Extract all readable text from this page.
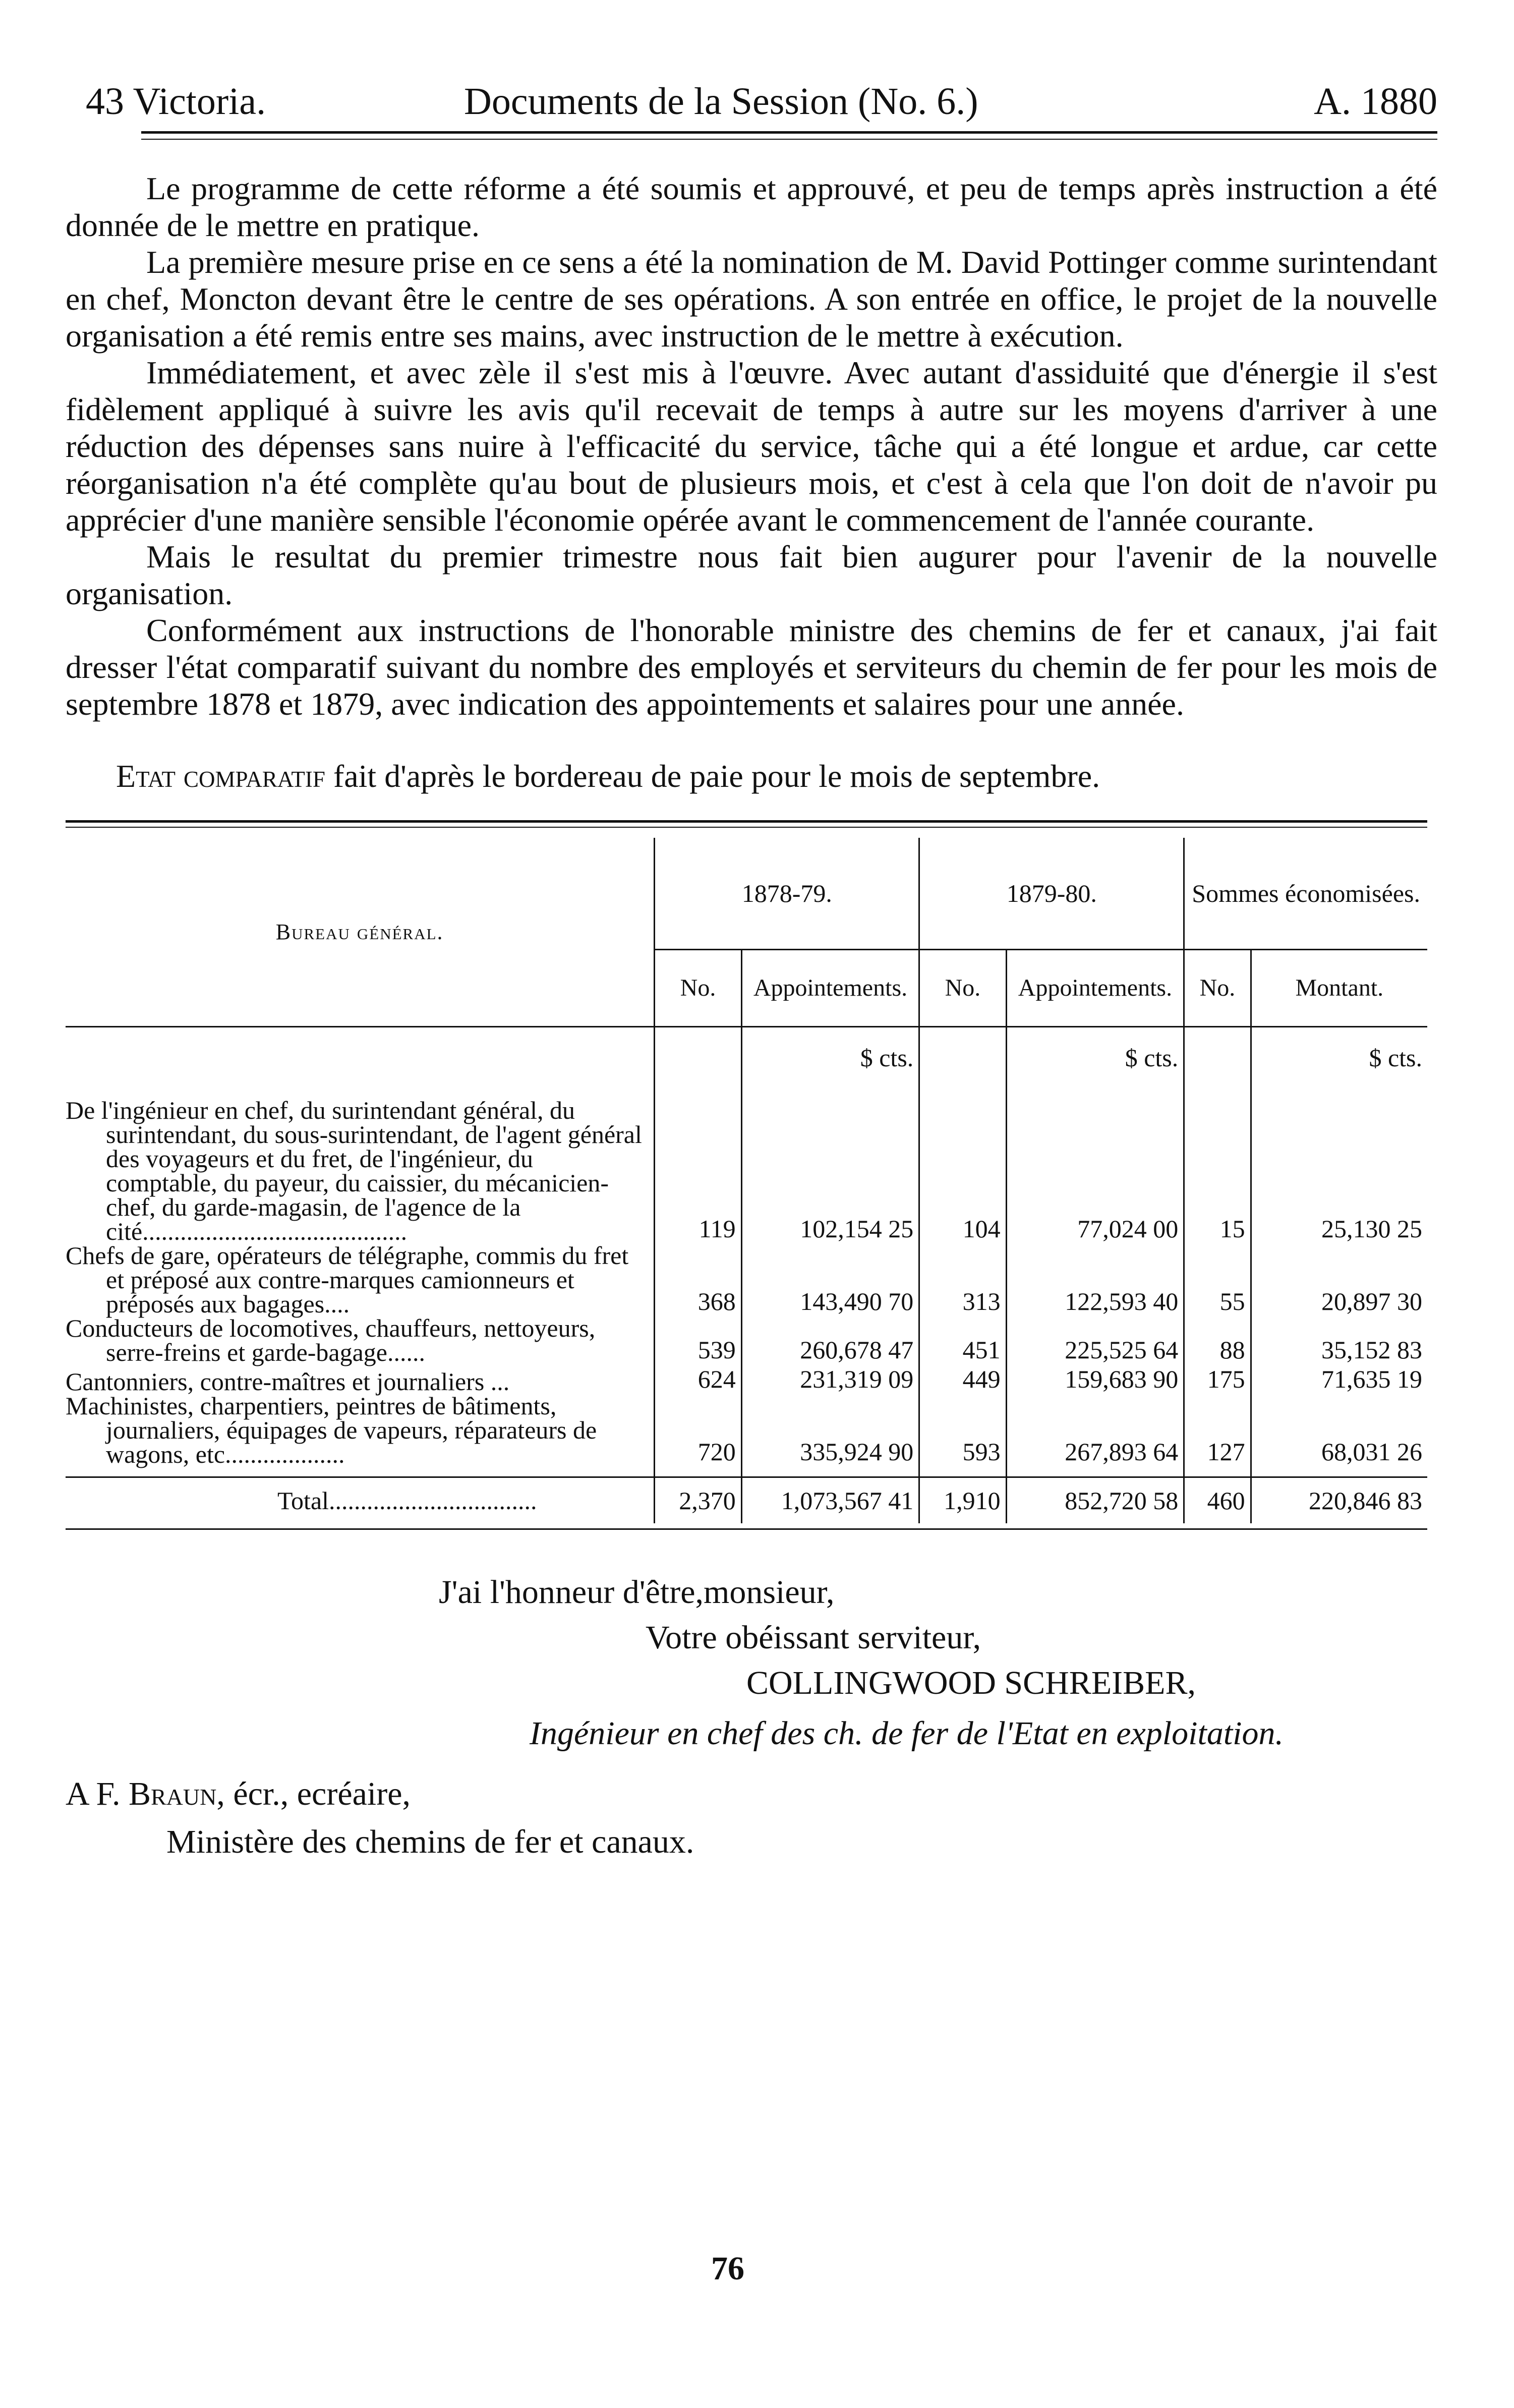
43 Victoria.	Documents de la Session (No. 6.)	A. 1880

Le programme de cette réforme a été soumis et approuvé, et peu de temps après instruction a été donnée de le mettre en pratique.

La première mesure prise en ce sens a été la nomination de M. David Pottinger comme surintendant en chef, Moncton devant être le centre de ses opérations. A son entrée en office, le projet de la nouvelle organisation a été remis entre ses mains, avec instruction de le mettre à exécution.

Immédiatement, et avec zèle il s'est mis à l'œuvre. Avec autant d'assiduité que d'énergie il s'est fidèlement appliqué à suivre les avis qu'il recevait de temps à autre sur les moyens d'arriver à une réduction des dépenses sans nuire à l'efficacité du service, tâche qui a été longue et ardue, car cette réorganisation n'a été complète qu'au bout de plusieurs mois, et c'est à cela que l'on doit de n'avoir pu apprécier d'une manière sensible l'économie opérée avant le commencement de l'année courante.

Mais le resultat du premier trimestre nous fait bien augurer pour l'avenir de la nouvelle organisation.

Conformément aux instructions de l'honorable ministre des chemins de fer et canaux, j'ai fait dresser l'état comparatif suivant du nombre des employés et serviteurs du chemin de fer pour les mois de septembre 1878 et 1879, avec indication des appointements et salaires pour une année.

Etat comparatif fait d'après le bordereau de paie pour le mois de septembre.
Bureau général.	1878-79.		1879-80.		Sommes économisées.	
	No.	Appointements.	No.	Appointements.	No.	Montant.
		$ cts.		$ cts.		$ cts.

De l'ingénieur en chef, du surintendant général, du surintendant, du sous-surintendant, de l'agent général des voyageurs et du fret, de l'ingénieur, du comptable, du payeur, du caissier, du mécanicien-chef, du garde-magasin, de l'agence de la cité..........................................	119	102,154 25	104	77,024 00	15	25,130 25

Chefs de gare, opérateurs de télégraphe, commis du fret et préposé aux contre-marques camionneurs et préposés aux bagages....	368	143,490 70	313	122,593 40	55	20,897 30

Conducteurs de locomotives, chauffeurs, nettoyeurs, serre-freins et garde-bagage......	539	260,678 47	451	225,525 64	88	35,152 83

Cantonniers, contre-maîtres et journaliers ...	624	231,319 09	449	159,683 90	175	71,635 19

Machinistes, charpentiers, peintres de bâtiments, journaliers, équipages de vapeurs, réparateurs de wagons, etc...................	720	335,924 90	593	267,893 64	127	68,031 26
Total.................................	2,370	1,073,567 41	1,910	852,720 58	460	220,846 83
J'ai l'honneur d'être,monsieur,
Votre obéissant serviteur,
COLLINGWOOD SCHREIBER,
Ingénieur en chef des ch. de fer de l'Etat en exploitation.
A F. Braun, écr., ecréaire,
Ministère des chemins de fer et canaux.
76
